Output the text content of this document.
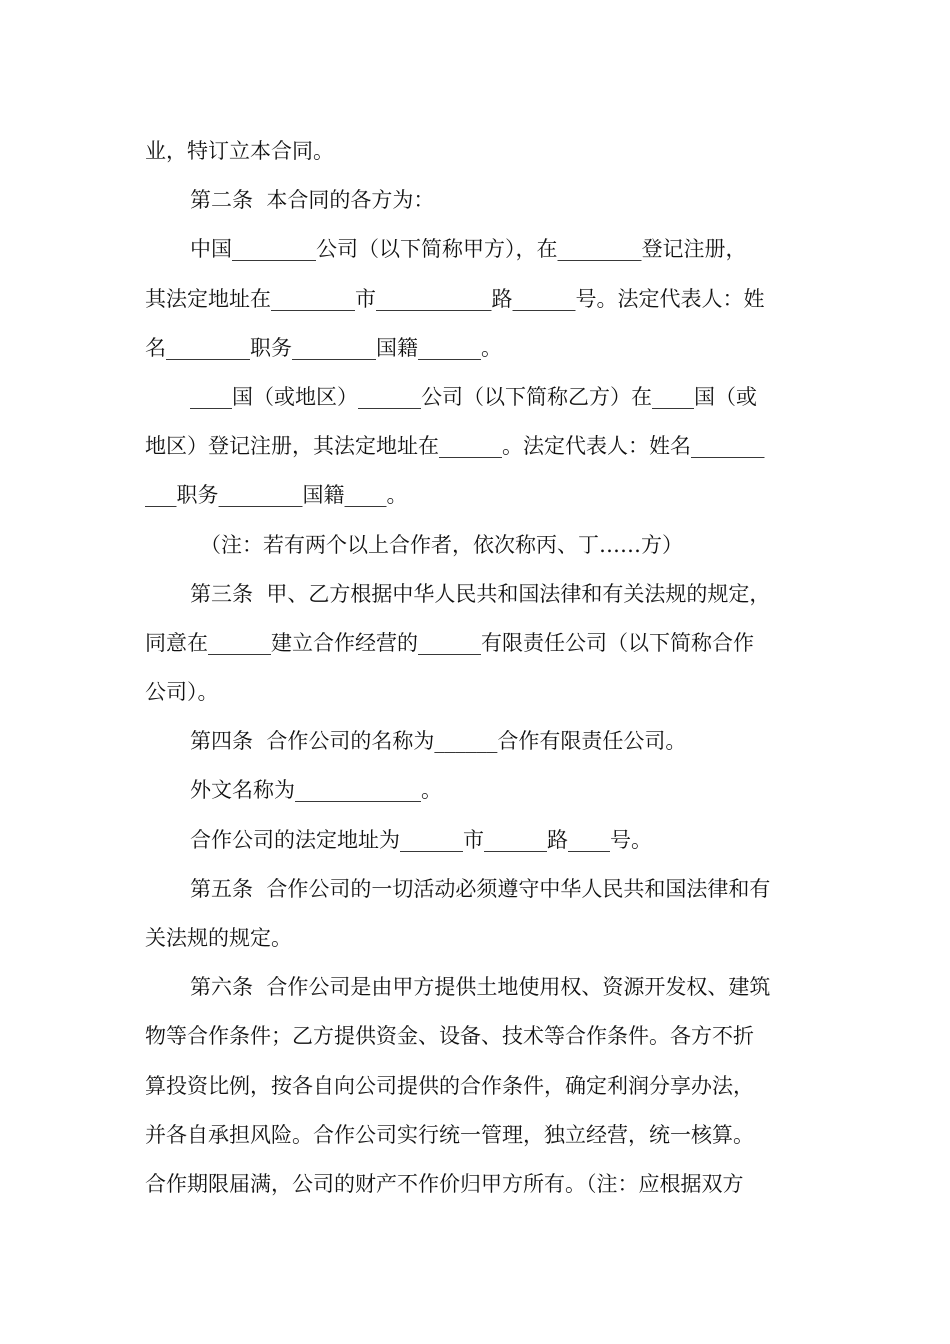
业，特订立本合同。
第二条  本合同的各方为：
中国________公司（以下简称甲方），在________登记注册，
其法定地址在________市___________路______号。法定代表人：姓
名________职务________国籍______。
____国（或地区）______公司（以下简称乙方）在____国（或
地区）登记注册，其法定地址在______。法定代表人：姓名_______
___职务________国籍____。
（注：若有两个以上合作者，依次称丙、丁……方）
第三条  甲、乙方根据中华人民共和国法律和有关法规的规定，
同意在______建立合作经营的______有限责任公司（以下简称合作
公司）。
第四条  合作公司的名称为______合作有限责任公司。
外文名称为____________。
合作公司的法定地址为______市______路____号。
第五条  合作公司的一切活动必须遵守中华人民共和国法律和有
关法规的规定。
第六条  合作公司是由甲方提供土地使用权、资源开发权、建筑
物等合作条件；乙方提供资金、设备、技术等合作条件。各方不折
算投资比例，按各自向公司提供的合作条件，确定利润分享办法，
并各自承担风险。合作公司实行统一管理，独立经营，统一核算。
合作期限届满，公司的财产不作价归甲方所有。（注：应根据双方
